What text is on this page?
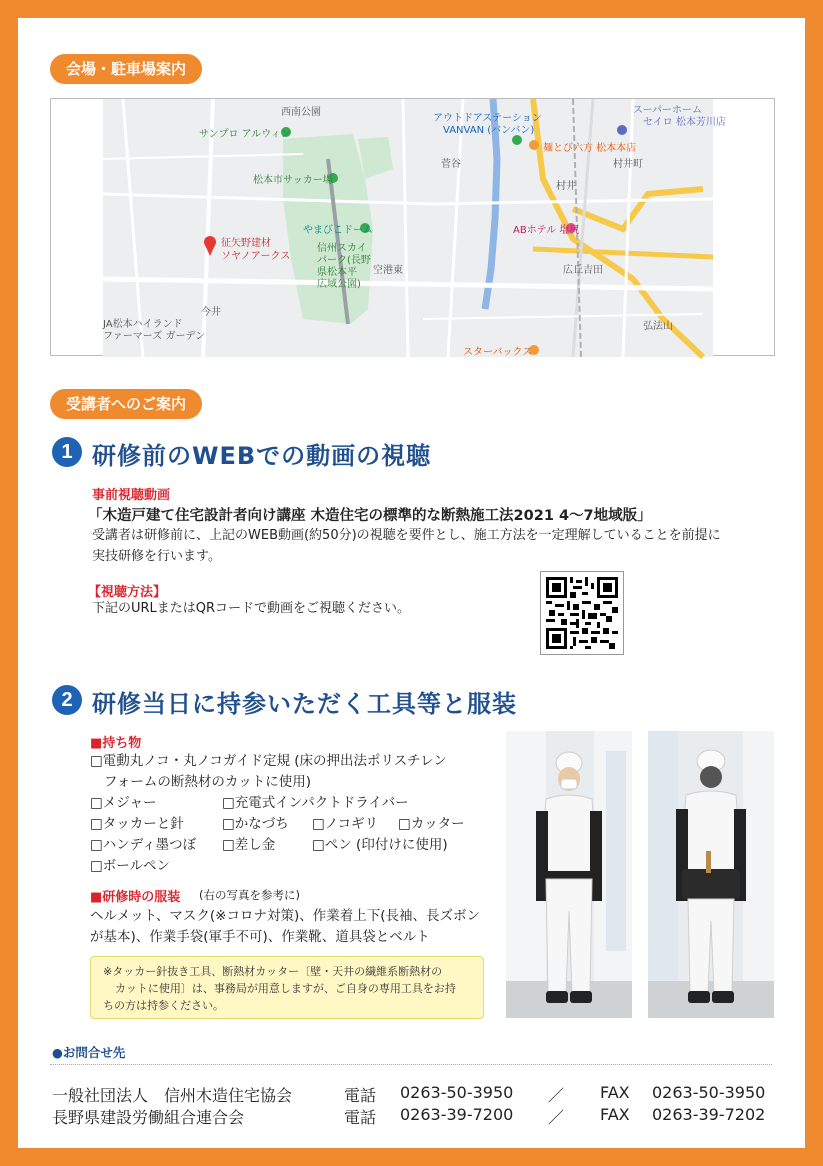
会場・駐車場案内
サンプロ アルウィン
西南公園
松本市サッカー場
征矢野建材
ソヤノアークス
やまびこドーム
信州スカイ
パーク(長野
県松本平
広域公園)
空港東
今井
JA松本ハイランド
ファーマーズ ガーデン
アウトドアステーション
VANVAN (バンバン)
スーパーホーム
セイロ 松本芳川店
麺とび六方 松本本店
菅谷	村井町
村井
ABホテル 塩尻
広丘吉田
スターバックス
弘法山
受講者へのご案内
1 研修前のWEBでの動画の視聴
事前視聴動画
「木造戸建て住宅設計者向け講座 木造住宅の標準的な断熱施工法2021 4～7地域版」
受講者は研修前に、上記のWEB動画(約50分)の視聴を要件とし、施工方法を一定理解していることを前提に
実技研修を行います。
【視聴方法】
下記のURLまたはQRコードで動画をご視聴ください。
2 研修当日に持参いただく工具等と服装
■持ち物
□電動丸ノコ・丸ノコガイド定規 (床の押出法ポリスチレン
フォームの断熱材のカットに使用)
□メジャー	□充電式インパクトドライバー
□タッカーと針	□かなづち □ノコギリ □カッター
□ハンディ墨つぼ □差し金	□ペン (印付けに使用)
□ボールペン
■研修時の服装 (右の写真を参考に)
ヘルメット、マスク(※コロナ対策)、作業着上下(長袖、長ズボン
が基本)、作業手袋(軍手不可)、作業靴、道具袋とベルト
※タッカー針抜き工具、断熱材カッター〔壁・天井の繊維系断熱材の
カットに使用〕は、事務局が用意しますが、ご自身の専用工具をお持
ちの方は持参ください。
●お問合せ先
一般社団法人　信州木造住宅協会	電話 0263-50-3950 ／ FAX 0263-50-3950
長野県建設労働組合連合会	電話 0263-39-7200 ／ FAX 0263-39-7202
